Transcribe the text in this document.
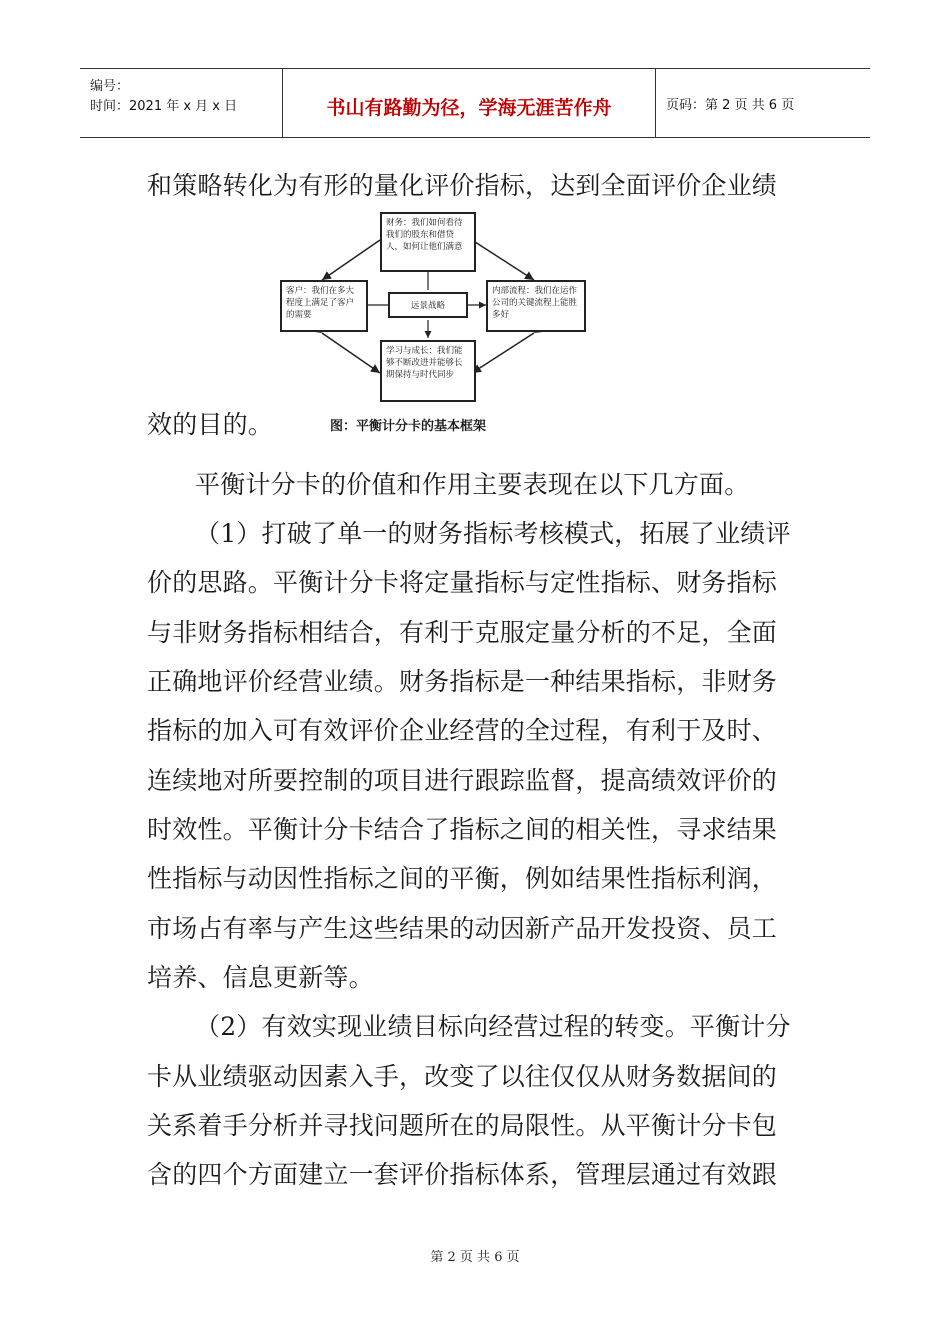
编号：
时间：2021 年 x 月 x 日	书山有路勤为径，学海无涯苦作舟	页码：第 2 页 共 6 页
和策略转化为有形的量化评价指标，达到全面评价企业绩
财务：我们如何看待我们的股东和借贷人，如何让他们满意
客户：我们在多大程度上满足了客户的需要
远景战略
内部流程：我们在运作公司的关键流程上能胜多好
学习与成长：我们能够不断改进并能够长期保持与时代同步
效的目的。	图：平衡计分卡的基本框架
平衡计分卡的价值和作用主要表现在以下几方面。
（1）打破了单一的财务指标考核模式，拓展了业绩评
价的思路。平衡计分卡将定量指标与定性指标、财务指标
与非财务指标相结合，有利于克服定量分析的不足，全面
正确地评价经营业绩。财务指标是一种结果指标，非财务
指标的加入可有效评价企业经营的全过程，有利于及时、
连续地对所要控制的项目进行跟踪监督，提高绩效评价的
时效性。平衡计分卡结合了指标之间的相关性，寻求结果
性指标与动因性指标之间的平衡，例如结果性指标利润，
市场占有率与产生这些结果的动因新产品开发投资、员工
培养、信息更新等。
（2）有效实现业绩目标向经营过程的转变。平衡计分
卡从业绩驱动因素入手，改变了以往仅仅从财务数据间的
关系着手分析并寻找问题所在的局限性。从平衡计分卡包
含的四个方面建立一套评价指标体系，管理层通过有效跟
第 2 页 共 6 页
